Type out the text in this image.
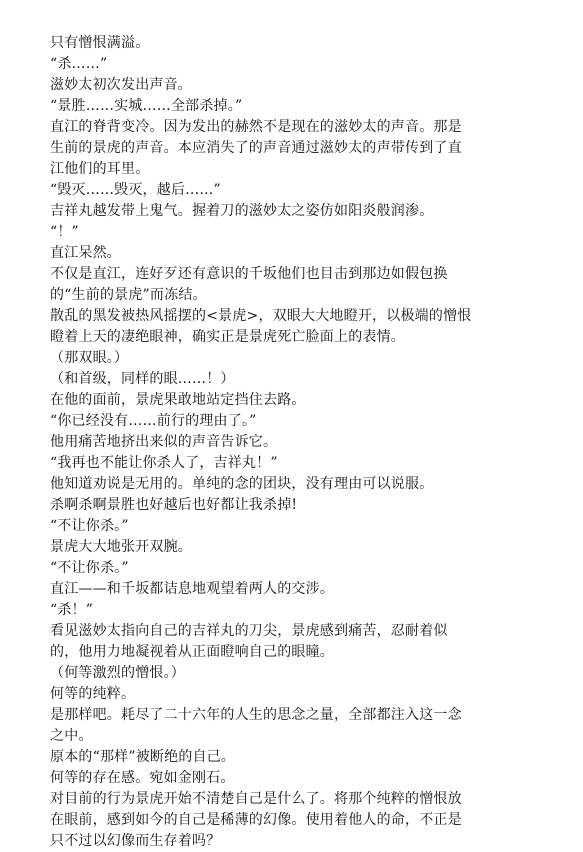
只有憎恨满溢。
“杀……”
滋妙太初次发出声音。
“景胜……实城……全部杀掉。”
直江的脊背变冷。因为发出的赫然不是现在的滋妙太的声音。那是
生前的景虎的声音。本应消失了的声音通过滋妙太的声带传到了直
江他们的耳里。
“毁灭……毁灭，越后……”
吉祥丸越发带上鬼气。握着刀的滋妙太之姿仿如阳炎般润渗。
“！”
直江呆然。
不仅是直江，连好歹还有意识的千坂他们也目击到那边如假包换
的“生前的景虎”而冻结。
散乱的黑发被热风摇摆的<景虎>，双眼大大地瞪开，以极端的憎恨
瞪着上天的凄绝眼神，确实正是景虎死亡脸面上的表情。
（那双眼。）
（和首级，同样的眼……！）
在他的面前，景虎果敢地站定挡住去路。
“你已经没有……前行的理由了。”
他用痛苦地挤出来似的声音告诉它。
“我再也不能让你杀人了，吉祥丸！”
他知道劝说是无用的。单纯的念的团块，没有理由可以说服。
杀啊杀啊景胜也好越后也好都让我杀掉!
“不让你杀。”
景虎大大地张开双腕。
“不让你杀。”
直江——和千坂都诘息地观望着两人的交涉。
“杀！”
看见滋妙太指向自己的吉祥丸的刀尖，景虎感到痛苦，忍耐着似
的，他用力地凝视着从正面瞪响自己的眼瞳。
（何等激烈的憎恨。）
何等的纯粹。
是那样吧。耗尽了二十六年的人生的思念之量，全部都注入这一念
之中。
原本的“那样”被断绝的自己。
何等的存在感。宛如金刚石。
对目前的行为景虎开始不清楚自己是什么了。将那个纯粹的憎恨放
在眼前，感到如今的自己是稀薄的幻像。使用着他人的命，不正是
只不过以幻像而生存着吗？
